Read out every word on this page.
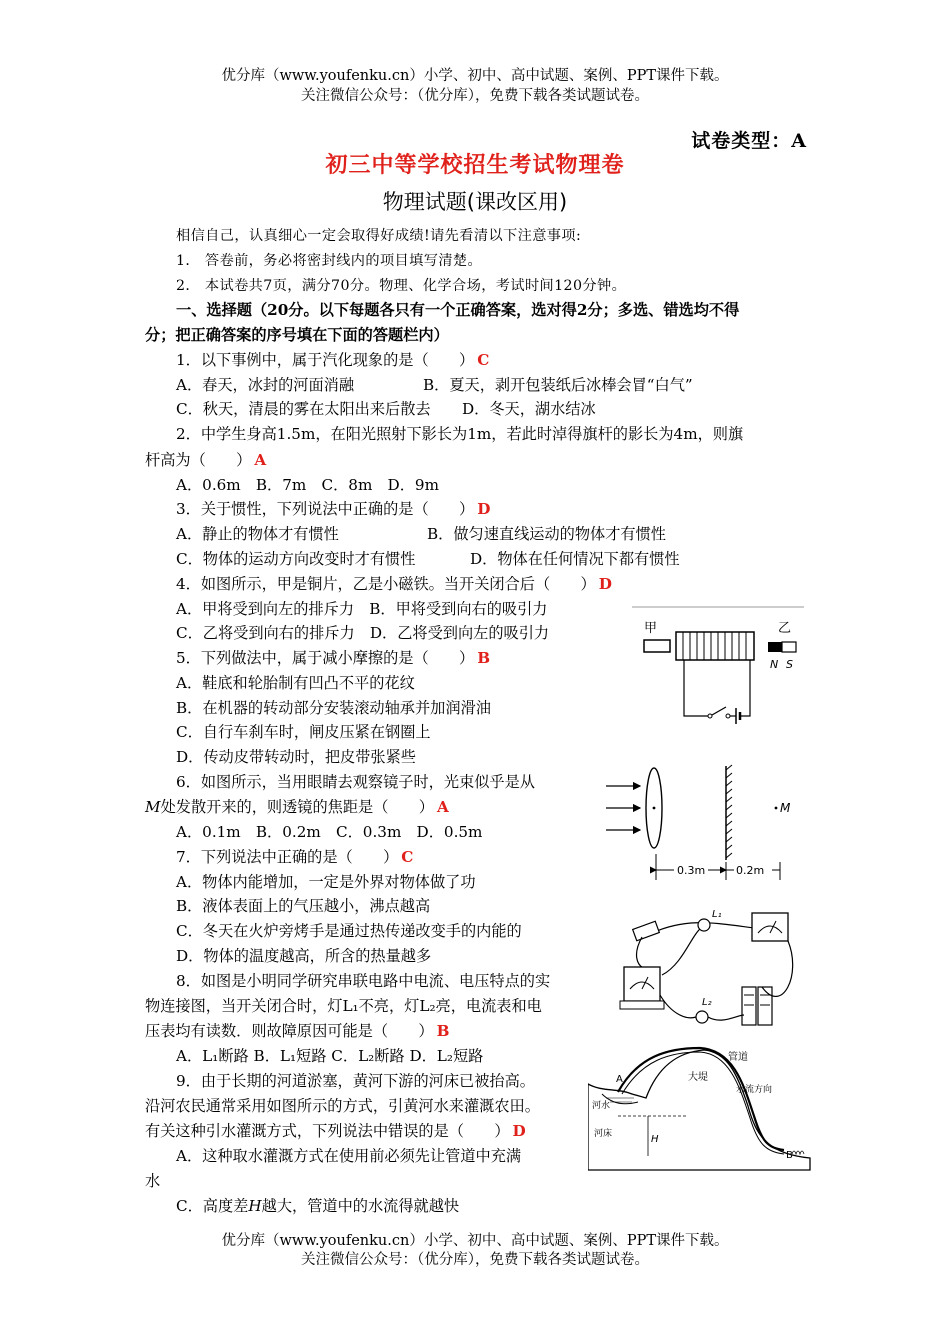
优分库（www.youfenku.cn）小学、初中、高中试题、案例、PPT课件下载。
关注微信公众号：（优分库），免费下载各类试题试卷。
试卷类型：A
初三中等学校招生考试物理卷
物理试题(课改区用)
相信自己，认真细心一定会取得好成绩!请先看清以下注意事项:
1． 答卷前，务必将密封线内的项目填写清楚。
2． 本试卷共7页，满分70分。物理、化学合场，考试时间120分钟。
一、选择题（20分。以下每题各只有一个正确答案，选对得2分；多选、错选均不得
分；把正确答案的序号填在下面的答题栏内）
1．以下事例中，属于汽化现象的是（　　） C
A．春天，冰封的河面消融	B．夏天，剥开包装纸后冰棒会冒“白气”
C．秋天，清晨的雾在太阳出来后散去 D．冬天，湖水结冰
2．中学生身高1.5m，在阳光照射下影长为1m，若此时淖得旗杆的影长为4m，则旗
杆高为（　　） A
A．0.6m　B．7m　C．8m　D．9m
3．关于惯性，下列说法中正确的是（　　） D
A．静止的物体才有惯性	B．做匀速直线运动的物体才有惯性
C．物体的运动方向改变时才有惯性	D．物体在任何情况下都有惯性
4．如图所示，甲是铜片，乙是小磁铁。当开关闭合后（　　） D
A．甲将受到向左的排斥力　B．甲将受到向右的吸引力
C．乙将受到向右的排斥力　D．乙将受到向左的吸引力
5．下列做法中，属于减小摩擦的是（　　） B
A．鞋底和轮胎制有凹凸不平的花纹
B．在机器的转动部分安装滚动轴承并加润滑油
C．自行车刹车时，闸皮压紧在钢圈上
D．传动皮带转动时，把皮带张紧些
6．如图所示，当用眼睛去观察镜子时，光束似乎是从
M处发散开来的，则透镜的焦距是（　　） A
A．0.1m　B．0.2m　C．0.3m　D．0.5m
7．下列说法中正确的是（　　） C
A．物体内能增加，一定是外界对物体做了功
B．液体表面上的气压越小，沸点越高
C．冬天在火炉旁烤手是通过热传递改变手的内能的
D．物体的温度越高，所含的热量越多
8．如图是小明同学研究串联电路中电流、电压特点的实
物连接图，当开关闭合时，灯L₁不亮，灯L₂亮，电流表和电
压表均有读数．则故障原因可能是（　　） B
A．L₁断路 B．L₁短路 C．L₂断路 D．L₂短路
9．由于长期的河道淤塞，黄河下游的河床已被抬高。
沿河农民通常采用如图所示的方式，引黄河水来灌溉农田。
有关这种引水灌溉方式，下列说法中错误的是（　　） D
A．这种取水灌溉方式在使用前必须先让管道中充满
水
C．高度差H越大，管道中的水流得就越快
优分库（www.youfenku.cn）小学、初中、高中试题、案例、PPT课件下载。
关注微信公众号：（优分库），免费下载各类试题试卷。
甲	乙
N S
M
0.3m	0.2m
L₁
L₂
A
B
管道
大堤
水流方向
河水
河床	H
